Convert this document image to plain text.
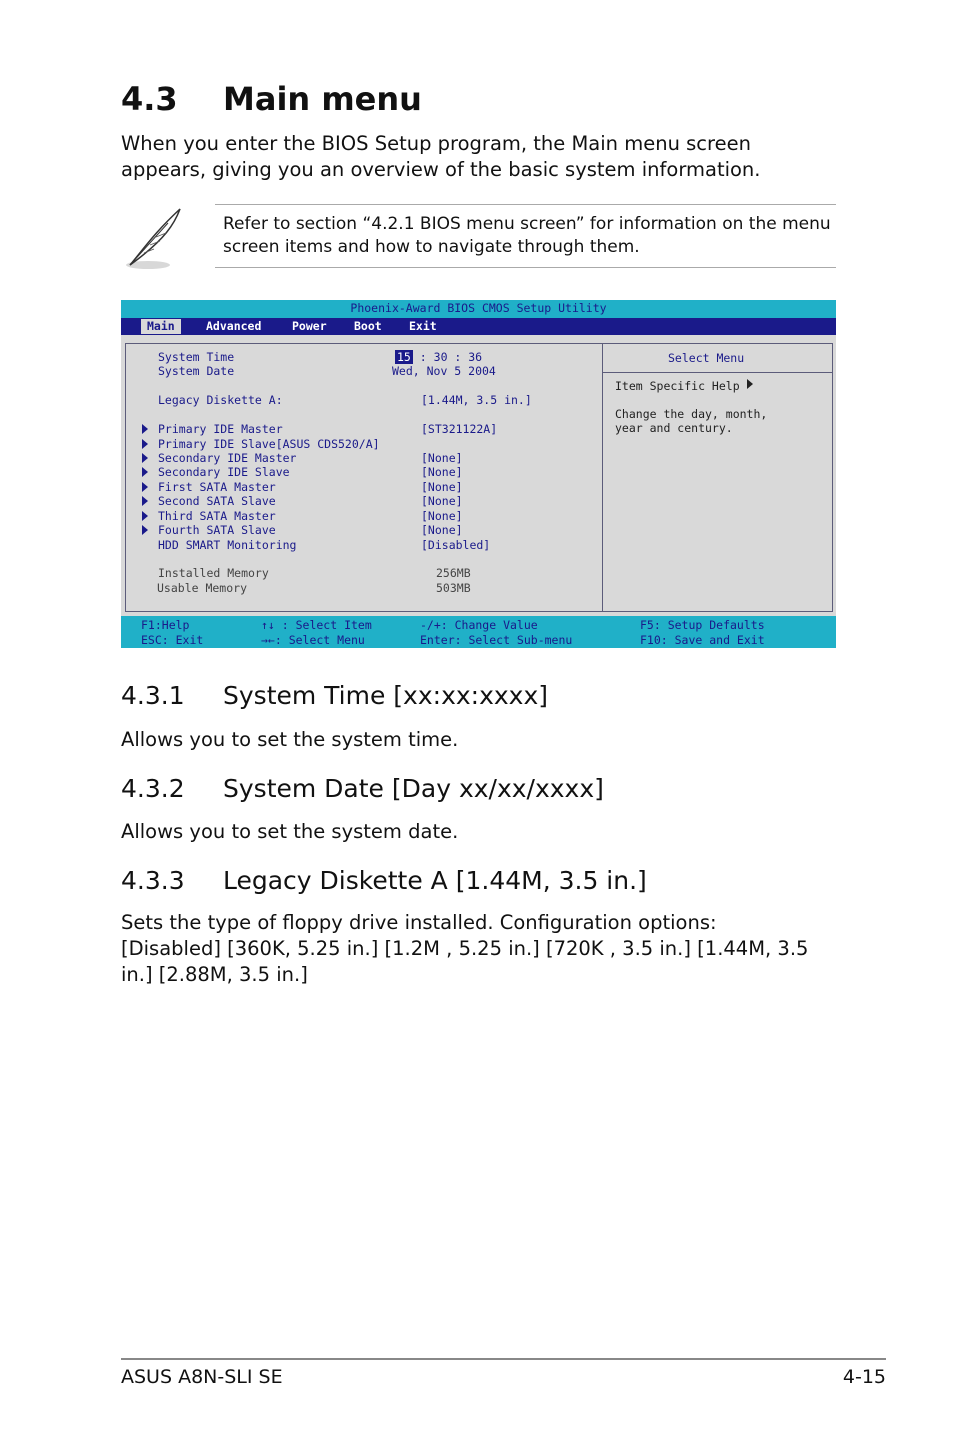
4.3 Main menu
When you enter the BIOS Setup program, the Main menu screen appears, giving you an overview of the basic system information.
Refer to section “4.2.1 BIOS menu screen” for information on the menu screen items and how to navigate through them.
Phoenix-Award BIOS CMOS Setup Utility
Main	Advanced	Power Boot Exit
System Time	15 : 30 : 36
System Date	Wed, Nov 5 2004
Legacy Diskette A:	[1.44M, 3.5 in.]
Primary IDE Master	[ST321122A]
Primary IDE Slave[ASUS CDS520/A]
Secondary IDE Master	[None]
Secondary IDE Slave	[None]
First SATA Master	[None]
Second SATA Slave	[None]
Third SATA Master	[None]
Fourth SATA Slave	[None]
HDD SMART Monitoring	[Disabled]
Installed Memory	256MB
Usable Memory	503MB
Select Menu
Item Specific Help
Change the day, month,
year and century.
F1:Help
ESC: Exit
↑↓ : Select Item
→←: Select Menu
-/+: Change Value
Enter: Select Sub-menu
F5: Setup Defaults
F10: Save and Exit
4.3.1 System Time [xx:xx:xxxx]
Allows you to set the system time.
4.3.2 System Date [Day xx/xx/xxxx]
Allows you to set the system date.
4.3.3 Legacy Diskette A [1.44M, 3.5 in.]
Sets the type of floppy drive installed. Configuration options: [Disabled] [360K, 5.25 in.] [1.2M , 5.25 in.] [720K , 3.5 in.] [1.44M, 3.5 in.] [2.88M, 3.5 in.]
ASUS A8N-SLI SE	4-15
